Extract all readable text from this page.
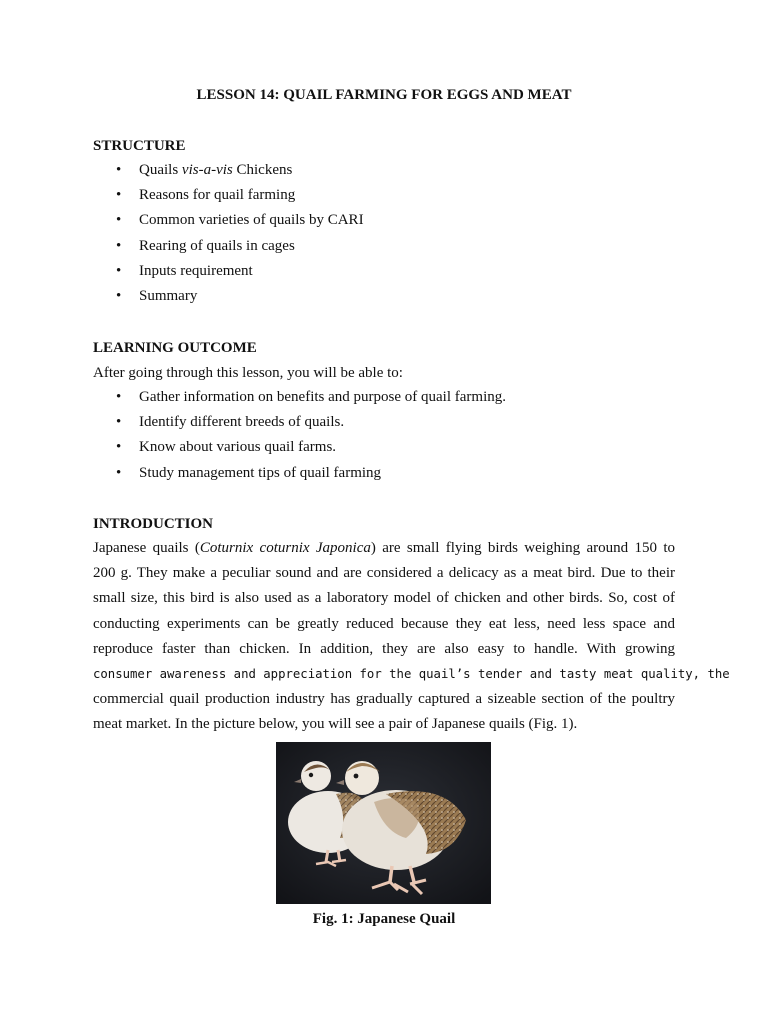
LESSON 14: QUAIL FARMING FOR EGGS AND MEAT
STRUCTURE
• Quails vis-a-vis Chickens
• Reasons for quail farming
• Common varieties of quails by CARI
• Rearing of quails in cages
• Inputs requirement
• Summary
LEARNING OUTCOME
After going through this lesson, you will be able to:
• Gather information on benefits and purpose of quail farming.
• Identify different breeds of quails.
• Know about various quail farms.
• Study management tips of quail farming
INTRODUCTION
Japanese quails (Coturnix coturnix Japonica) are small flying birds weighing around 150 to
200 g. They make a peculiar sound and are considered a delicacy as a meat bird. Due to their
small size, this bird is also used as a laboratory model of chicken and other birds. So, cost of
conducting experiments can be greatly reduced because they eat less, need less space and
reproduce faster than chicken. In addition, they are also easy to handle. With growing
consumer awareness and appreciation for the quail’s tender and tasty meat quality, the
commercial quail production industry has gradually captured a sizeable section of the poultry
meat market. In the picture below, you will see a pair of Japanese quails (Fig. 1).
Fig. 1: Japanese Quail
